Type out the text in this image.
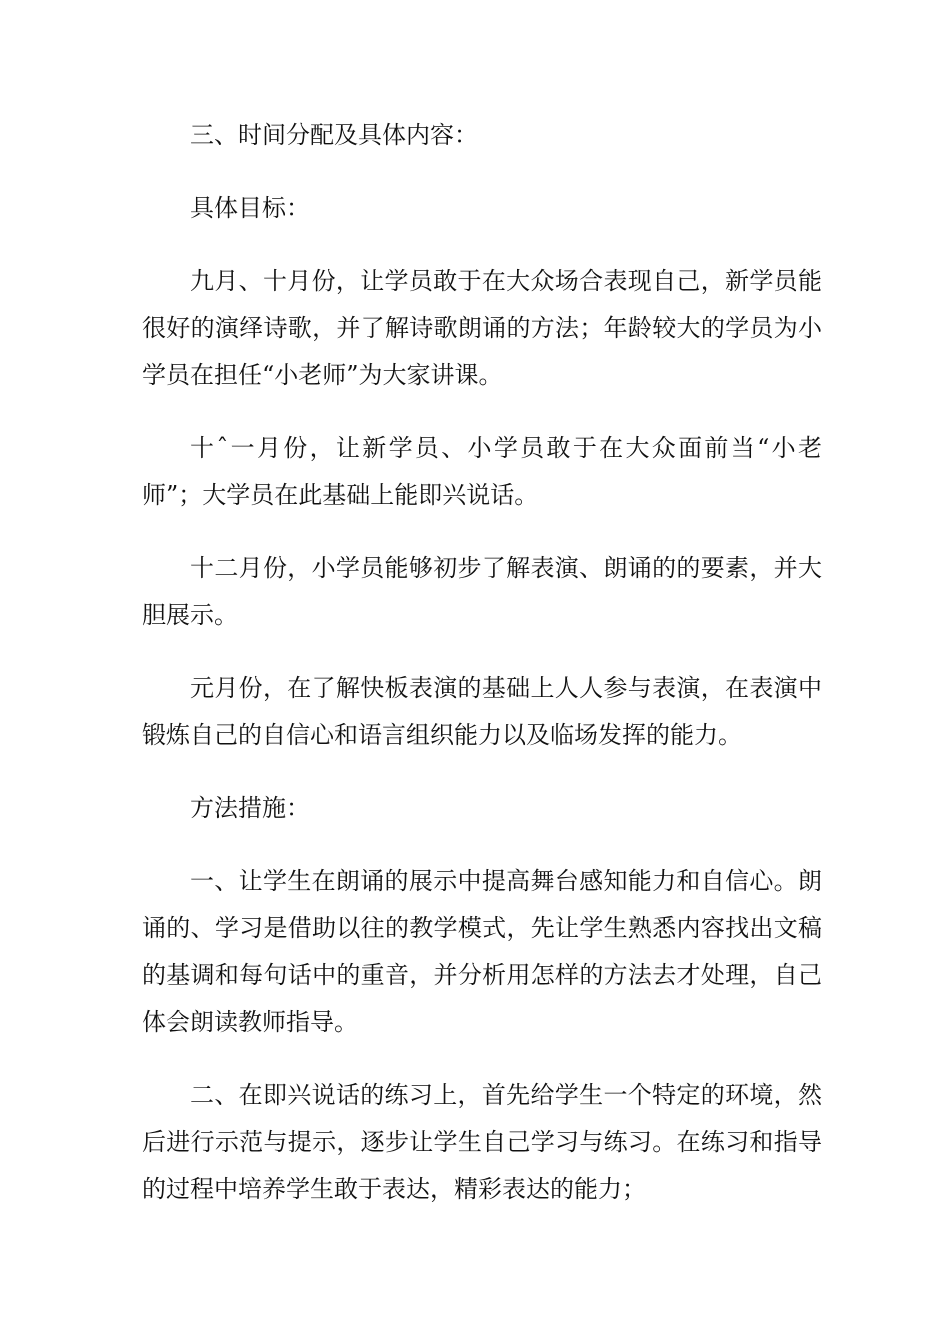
三、时间分配及具体内容：

具体目标：

九月、十月份，让学员敢于在大众场合表现自己，新学员能很好的演绎诗歌，并了解诗歌朗诵的方法；年龄较大的学员为小学员在担任“小老师”为大家讲课。

十ˆ一月份，让新学员、小学员敢于在大众面前当“小老师”；大学员在此基础上能即兴说话。

十二月份，小学员能够初步了解表演、朗诵的的要素，并大胆展示。

元月份，在了解快板表演的基础上人人参与表演，在表演中锻炼自己的自信心和语言组织能力以及临场发挥的能力。

方法措施：

一、让学生在朗诵的展示中提高舞台感知能力和自信心。朗诵的、学习是借助以往的教学模式，先让学生熟悉内容找出文稿的基调和每句话中的重音，并分析用怎样的方法去才处理，自己体会朗读教师指导。

二、在即兴说话的练习上，首先给学生一个特定的环境，然后进行示范与提示，逐步让学生自己学习与练习。在练习和指导的过程中培养学生敢于表达，精彩表达的能力；
